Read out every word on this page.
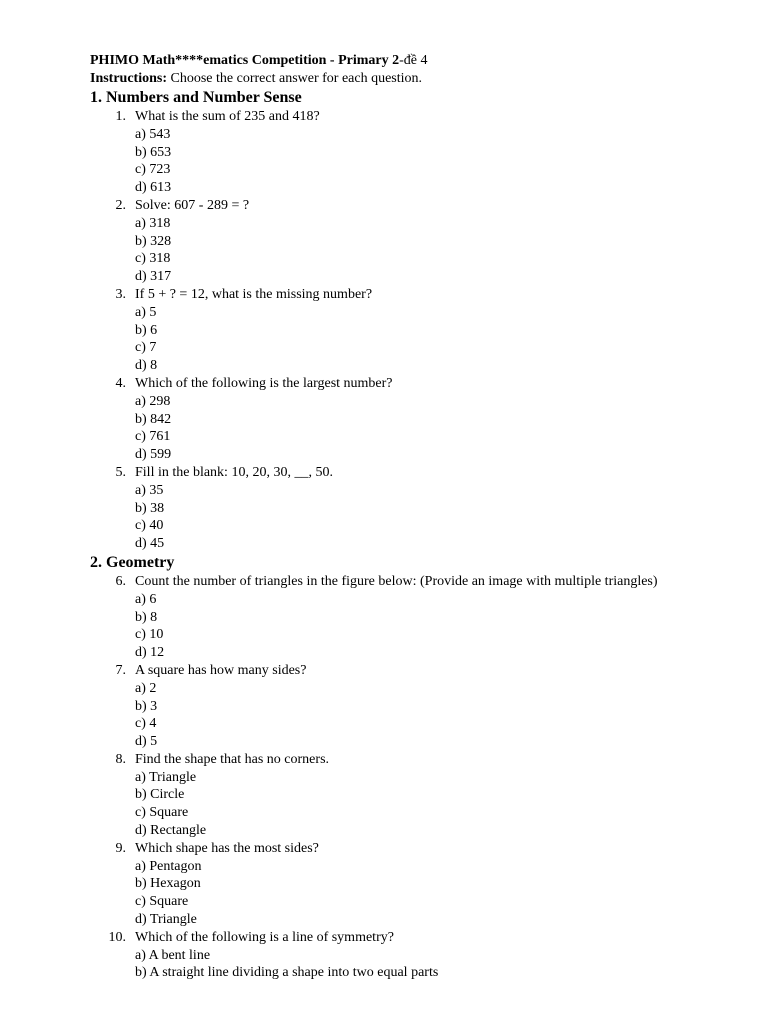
PHIMO Math****ematics Competition - Primary 2-đề 4
Instructions: Choose the correct answer for each question.
1. Numbers and Number Sense
1. What is the sum of 235 and 418?
a) 543
b) 653
c) 723
d) 613
2. Solve: 607 - 289 = ?
a) 318
b) 328
c) 318
d) 317
3. If 5 + ? = 12, what is the missing number?
a) 5
b) 6
c) 7
d) 8
4. Which of the following is the largest number?
a) 298
b) 842
c) 761
d) 599
5. Fill in the blank: 10, 20, 30, __, 50.
a) 35
b) 38
c) 40
d) 45
2. Geometry
6. Count the number of triangles in the figure below: (Provide an image with multiple triangles)
a) 6
b) 8
c) 10
d) 12
7. A square has how many sides?
a) 2
b) 3
c) 4
d) 5
8. Find the shape that has no corners.
a) Triangle
b) Circle
c) Square
d) Rectangle
9. Which shape has the most sides?
a) Pentagon
b) Hexagon
c) Square
d) Triangle
10. Which of the following is a line of symmetry?
a) A bent line
b) A straight line dividing a shape into two equal parts
